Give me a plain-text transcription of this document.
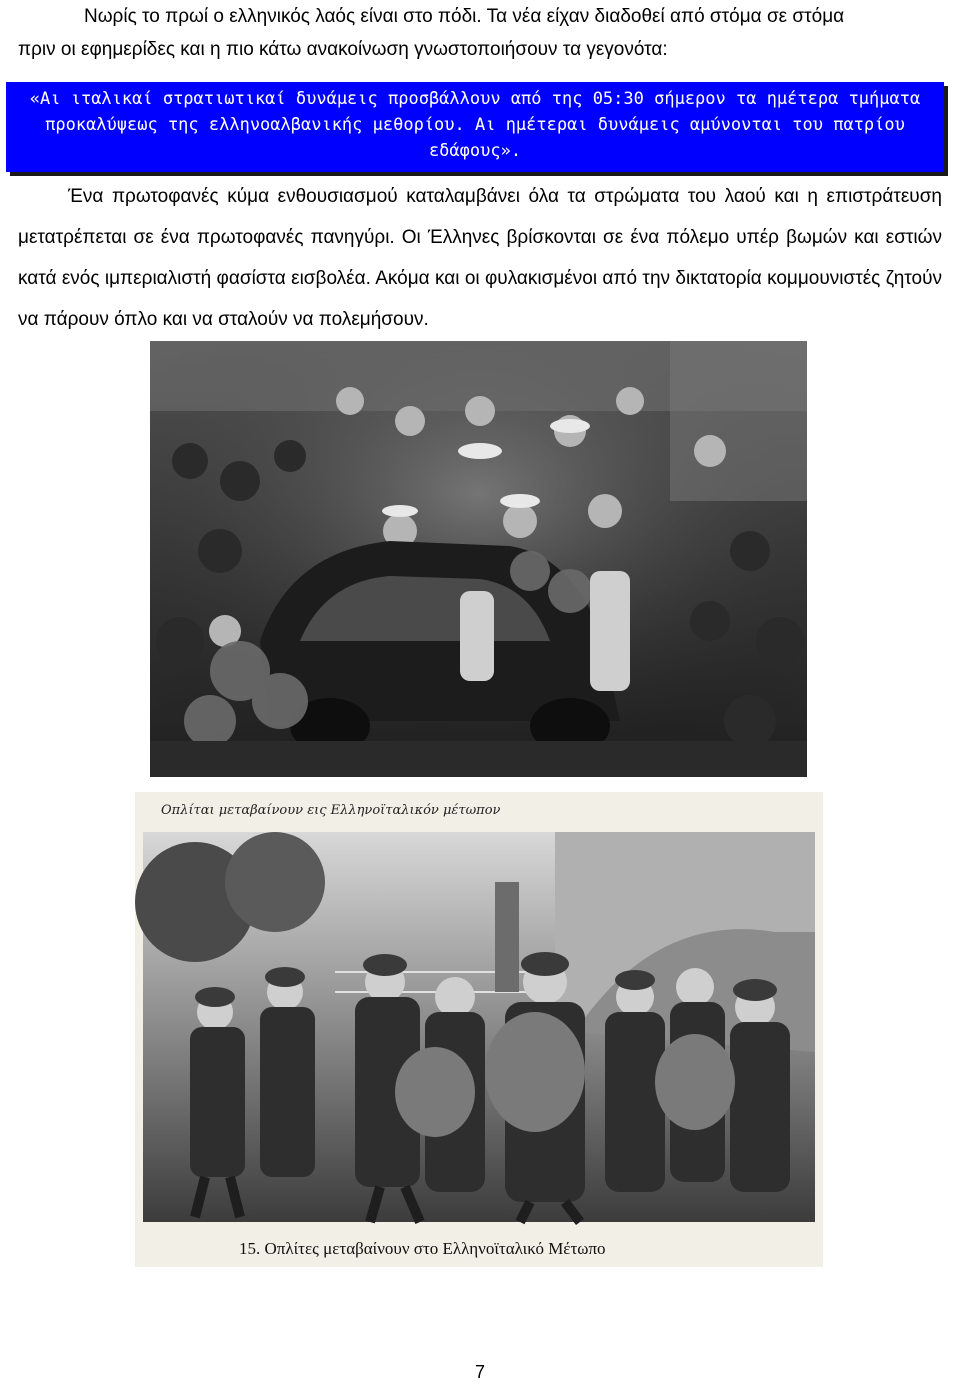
Νωρίς το πρωί ο ελληνικός λαός είναι στο πόδι. Τα νέα είχαν διαδοθεί από στόμα σε στόμα
πριν οι εφημερίδες και η πιο κάτω ανακοίνωση γνωστοποιήσουν τα γεγονότα:
«Αι ιταλικαί στρατιωτικαί δυνάμεις προσβάλλουν από της 05:30 σήμερον τα ημέτερα τμήματα προκαλύψεως της ελληνοαλβανικής μεθορίου. Αι ημέτεραι δυνάμεις αμύνονται του πατρίου εδάφους».
Ένα πρωτοφανές κύμα ενθουσιασμού καταλαμβάνει όλα τα στρώματα του λαού και η επιστράτευση μετατρέπεται σε ένα πρωτοφανές πανηγύρι. Οι Έλληνες βρίσκονται σε ένα πόλεμο υπέρ βωμών και εστιών κατά ενός ιμπεριαλιστή φασίστα εισβολέα. Ακόμα και οι φυλακισμένοι από την δικτατορία κομμουνιστές ζητούν να πάρουν όπλο και να σταλούν να πολεμήσουν.
Οπλίται μεταβαίνουν εις Ελληνοϊταλικόν μέτωπον
15. Οπλίτες μεταβαίνουν στο Ελληνοϊταλικό Μέτωπο
7
